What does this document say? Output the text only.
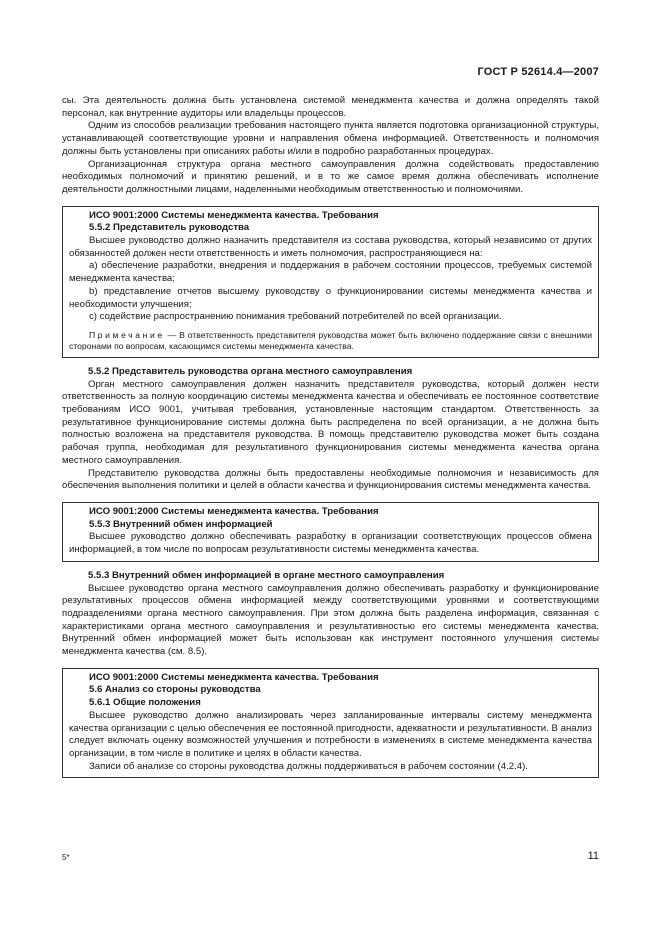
ГОСТ Р 52614.4—2007

сы. Эта деятельность должна быть установлена системой менеджмента качества и должна определять такой персонал, как внутренние аудиторы или владельцы процессов.

Одним из способов реализации требования настоящего пункта является подготовка организационной структуры, устанавливающей соответствующие уровни и направления обмена информацией. Ответственность и полномочия должны быть установлены при описаниях работы и/или в подробно разработанных процедурах.

Организационная структура органа местного самоуправления должна содействовать предоставлению необходимых полномочий и принятию решений, и в то же самое время должна обеспечивать исполнение деятельности должностными лицами, наделенными необходимым ответственностью и полномочиями.

ИСО 9001:2000 Системы менеджмента качества. Требования

5.5.2 Представитель руководства

Высшее руководство должно назначить представителя из состава руководства, который независимо от других обязанностей должен нести ответственность и иметь полномочия, распространяющиеся на:

a) обеспечение разработки, внедрения и поддержания в рабочем состоянии процессов, требуемых системой менеджмента качества;

b) представление отчетов высшему руководству о функционировании системы менеджмента качества и необходимости улучшения;

c) содействие распространению понимания требований потребителей по всей организации.

Примечание — В ответственность представителя руководства может быть включено поддержание связи с внешними сторонами по вопросам, касающимся системы менеджмента качества.

5.5.2 Представитель руководства органа местного самоуправления

Орган местного самоуправления должен назначить представителя руководства, который должен нести ответственность за полную координацию системы менеджмента качества и обеспечивать ее постоянное соответствие требованиям ИСО 9001, учитывая требования, установленные настоящим стандартом. Ответственность за результативное функционирование системы должна быть распределена по всей организации, а не должна быть полностью возложена на представителя руководства. В помощь представителю руководства может быть создана рабочая группа, необходимая для результативного функционирования системы менеджмента качества органа местного самоуправления.

Представителю руководства должны быть предоставлены необходимые полномочия и независимость для обеспечения выполнения политики и целей в области качества и функционирования системы менеджмента качества.

ИСО 9001:2000 Системы менеджмента качества. Требования

5.5.3 Внутренний обмен информацией

Высшее руководство должно обеспечивать разработку в организации соответствующих процессов обмена информацией, в том числе по вопросам результативности системы менеджмента качества.

5.5.3 Внутренний обмен информацией в органе местного самоуправления

Высшее руководство органа местного самоуправления должно обеспечивать разработку и функционирование результативных процессов обмена информацией между соответствующими уровнями и соответствующими подразделениями органа местного самоуправления. При этом должна быть разделена информация, связанная с характеристиками органа местного самоуправления и результативностью его системы менеджмента качества. Внутренний обмен информацией может быть использован как инструмент постоянного улучшения системы менеджмента качества (см. 8.5).

ИСО 9001:2000 Системы менеджмента качества. Требования

5.6 Анализ со стороны руководства

5.6.1 Общие положения

Высшее руководство должно анализировать через запланированные интервалы систему менеджмента качества организации с целью обеспечения ее постоянной пригодности, адекватности и результативности. В анализ следует включать оценку возможностей улучшения и потребности в изменениях в системе менеджмента качества организации, в том числе в политике и целях в области качества.

Записи об анализе со стороны руководства должны поддерживаться в рабочем состоянии (4.2.4).

5*	11
